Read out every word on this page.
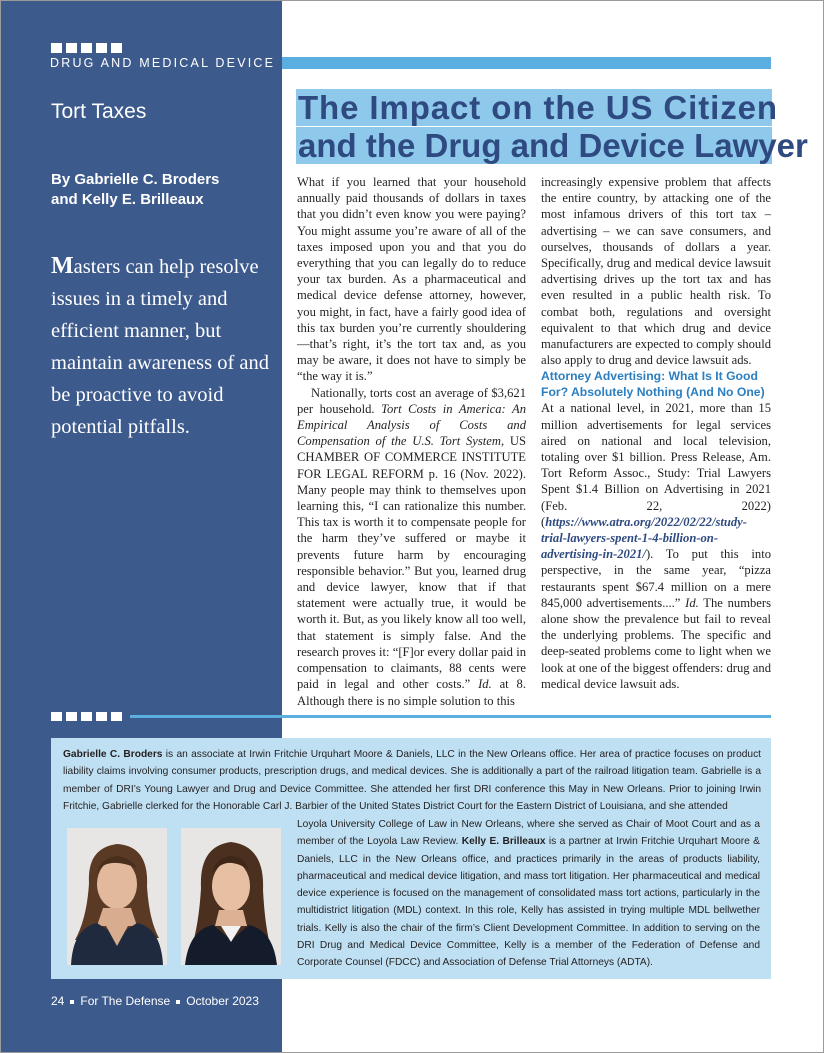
DRUG AND MEDICAL DEVICE
Tort Taxes
By Gabrielle C. Broders
and Kelly E. Brilleaux
Masters can help resolve issues in a timely and efficient manner, but maintain awareness of and be proactive to avoid potential pitfalls.
The Impact on the US Citizen
and the Drug and Device Lawyer

What if you learned that your household annually paid thousands of dollars in taxes that you didn’t even know you were paying? You might assume you’re aware of all of the taxes imposed upon you and that you do everything that you can legally do to reduce your tax burden. As a pharmaceutical and medical device defense attorney, however, you might, in fact, have a fairly good idea of this tax burden you’re currently shouldering—that’s right, it’s the tort tax and, as you may be aware, it does not have to simply be “the way it is.”

Nationally, torts cost an average of $3,621 per household. Tort Costs in America: An Empirical Analysis of Costs and Compensation of the U.S. Tort System, US CHAMBER OF COMMERCE INSTITUTE FOR LEGAL REFORM p. 16 (Nov. 2022). Many people may think to themselves upon learning this, “I can rationalize this number. This tax is worth it to compensate people for the harm they’ve suffered or maybe it prevents future harm by encouraging responsible behavior.” But you, learned drug and device lawyer, know that if that statement were actually true, it would be worth it. But, as you likely know all too well, that statement is simply false. And the research proves it: “[F]or every dollar paid in compensation to claimants, 88 cents were paid in legal and other costs.” Id. at 8. Although there is no simple solution to this

increasingly expensive problem that affects the entire country, by attacking one of the most infamous drivers of this tort tax – advertising – we can save consumers, and ourselves, thousands of dollars a year. Specifically, drug and medical device lawsuit advertising drives up the tort tax and has even resulted in a public health risk. To combat both, regulations and oversight equivalent to that which drug and device manufacturers are expected to comply should also apply to drug and device lawsuit ads.

Attorney Advertising: What Is It Good For? Absolutely Nothing (And No One)

At a national level, in 2021, more than 15 million advertisements for legal services aired on national and local television, totaling over $1 billion. Press Release, Am. Tort Reform Assoc., Study: Trial Lawyers Spent $1.4 Billion on Advertising in 2021 (Feb. 22, 2022) (https://www.atra.org/2022/02/22/study-trial-lawyers-spent-1-4-billion-on-advertising-in-2021/). To put this into perspective, in the same year, “pizza restaurants spent $67.4 million on a mere 845,000 advertisements....” Id. The numbers alone show the prevalence but fail to reveal the underlying problems. The specific and deep-seated problems come to light when we look at one of the biggest offenders: drug and medical device lawsuit ads.

Gabrielle C. Broders is an associate at Irwin Fritchie Urquhart Moore & Daniels, LLC in the New Orleans office. Her area of practice focuses on product liability claims involving consumer products, prescription drugs, and medical devices. She is additionally a part of the railroad litigation team. Gabrielle is a member of DRI’s Young Lawyer and Drug and Device Committee. She attended her first DRI conference this May in New Orleans. Prior to joining Irwin Fritchie, Gabrielle clerked for the Honorable Carl J. Barbier of the United States District Court for the Eastern District of Louisiana, and she attended
Loyola University College of Law in New Orleans, where she served as Chair of Moot Court and as a member of the Loyola Law Review. Kelly E. Brilleaux is a partner at Irwin Fritchie Urquhart Moore & Daniels, LLC in the New Orleans office, and practices primarily in the areas of products liability, pharmaceutical and medical device litigation, and mass tort litigation. Her pharmaceutical and medical device experience is focused on the management of consolidated mass tort actions, particularly in the multidistrict litigation (MDL) context. In this role, Kelly has assisted in trying multiple MDL bellwether trials. Kelly is also the chair of the firm’s Client Development Committee. In addition to serving on the DRI Drug and Medical Device Committee, Kelly is a member of the Federation of Defense and Corporate Counsel (FDCC) and Association of Defense Trial Attorneys (ADTA).
24 For The Defense October 2023
